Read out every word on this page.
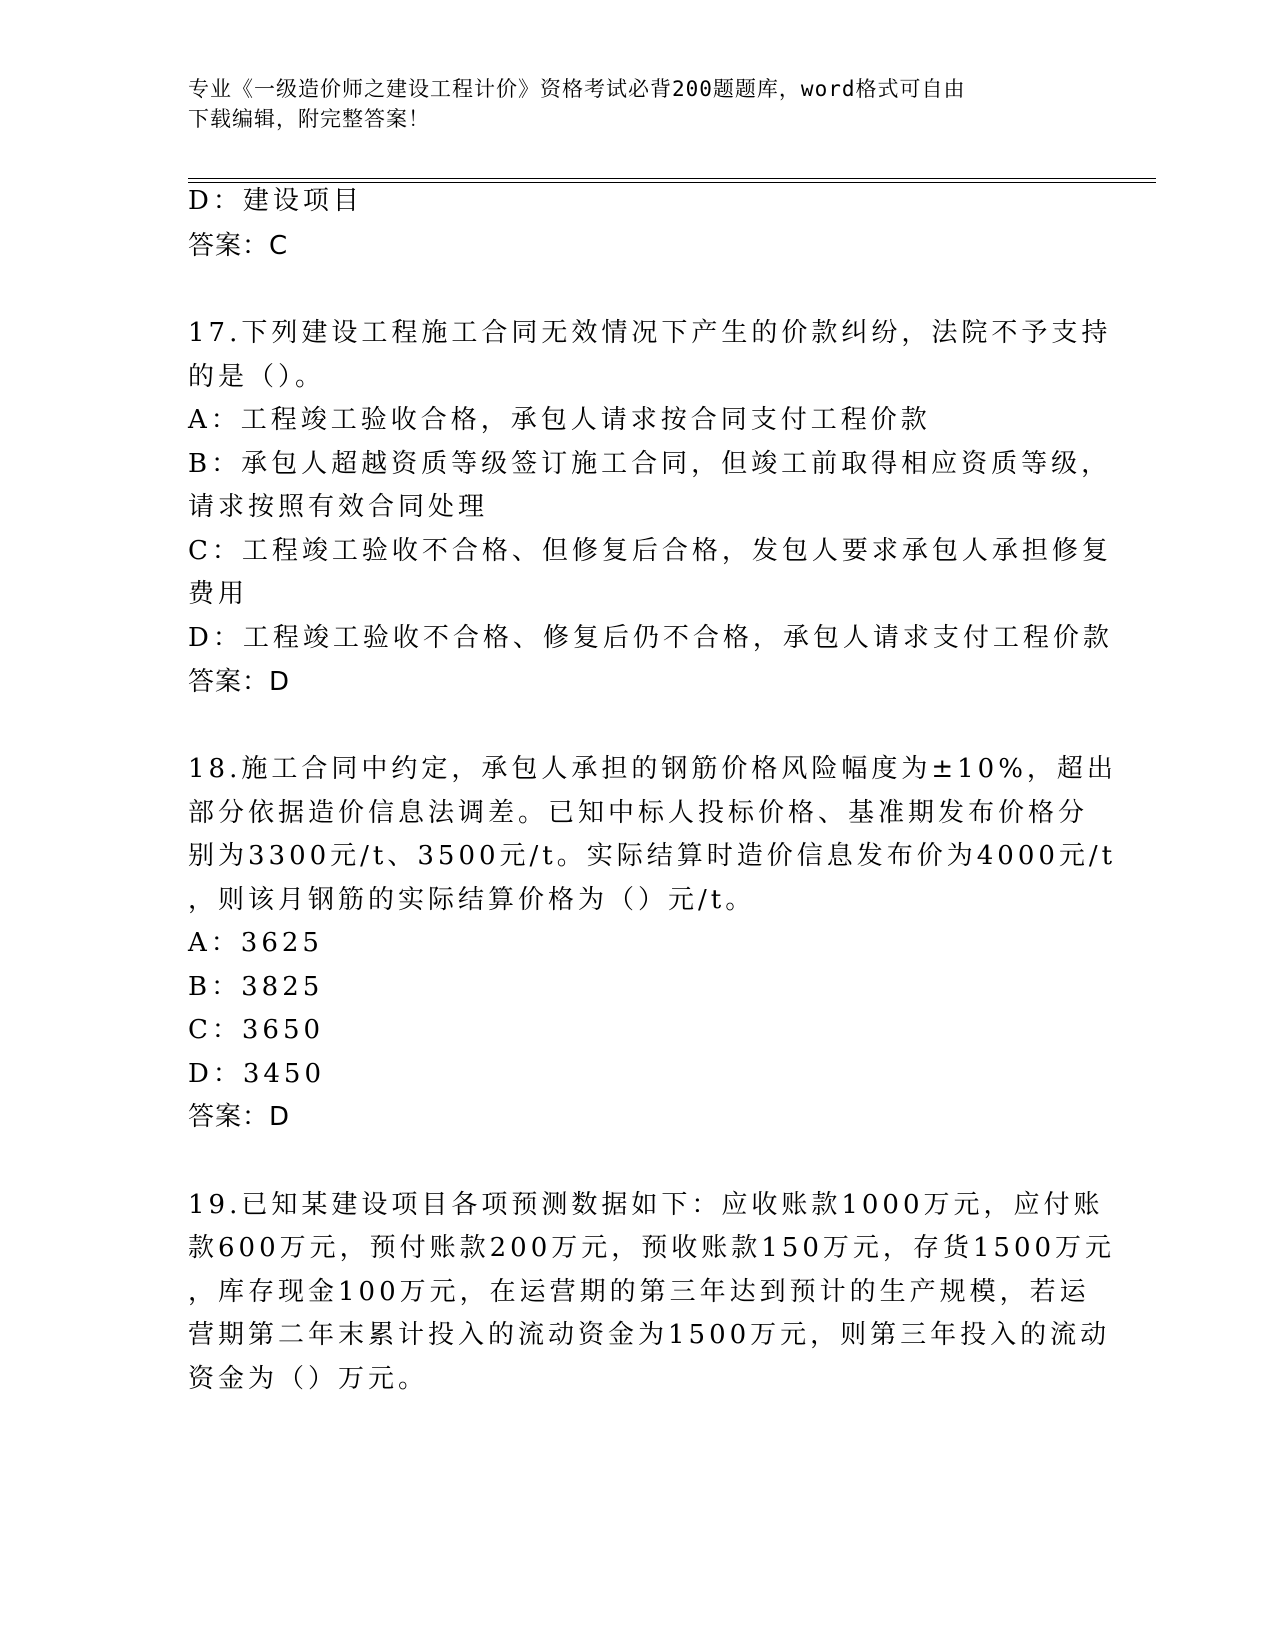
专业《一级造价师之建设工程计价》资格考试必背200题题库，word格式可自由
下载编辑，附完整答案！
D：建设项目
答案：C
17.下列建设工程施工合同无效情况下产生的价款纠纷，法院不予支持
的是（）。
A：工程竣工验收合格，承包人请求按合同支付工程价款
B：承包人超越资质等级签订施工合同，但竣工前取得相应资质等级，
请求按照有效合同处理
C：工程竣工验收不合格、但修复后合格，发包人要求承包人承担修复
费用
D：工程竣工验收不合格、修复后仍不合格，承包人请求支付工程价款
答案：D
18.施工合同中约定，承包人承担的钢筋价格风险幅度为±10%，超出
部分依据造价信息法调差。已知中标人投标价格、基准期发布价格分
别为3300元/t、3500元/t。实际结算时造价信息发布价为4000元/t
，则该月钢筋的实际结算价格为（）元/t。
A：3625
B：3825
C：3650
D：3450
答案：D
19.已知某建设项目各项预测数据如下：应收账款1000万元，应付账
款600万元，预付账款200万元，预收账款150万元，存货1500万元
，库存现金100万元，在运营期的第三年达到预计的生产规模，若运
营期第二年末累计投入的流动资金为1500万元，则第三年投入的流动
资金为（）万元。
